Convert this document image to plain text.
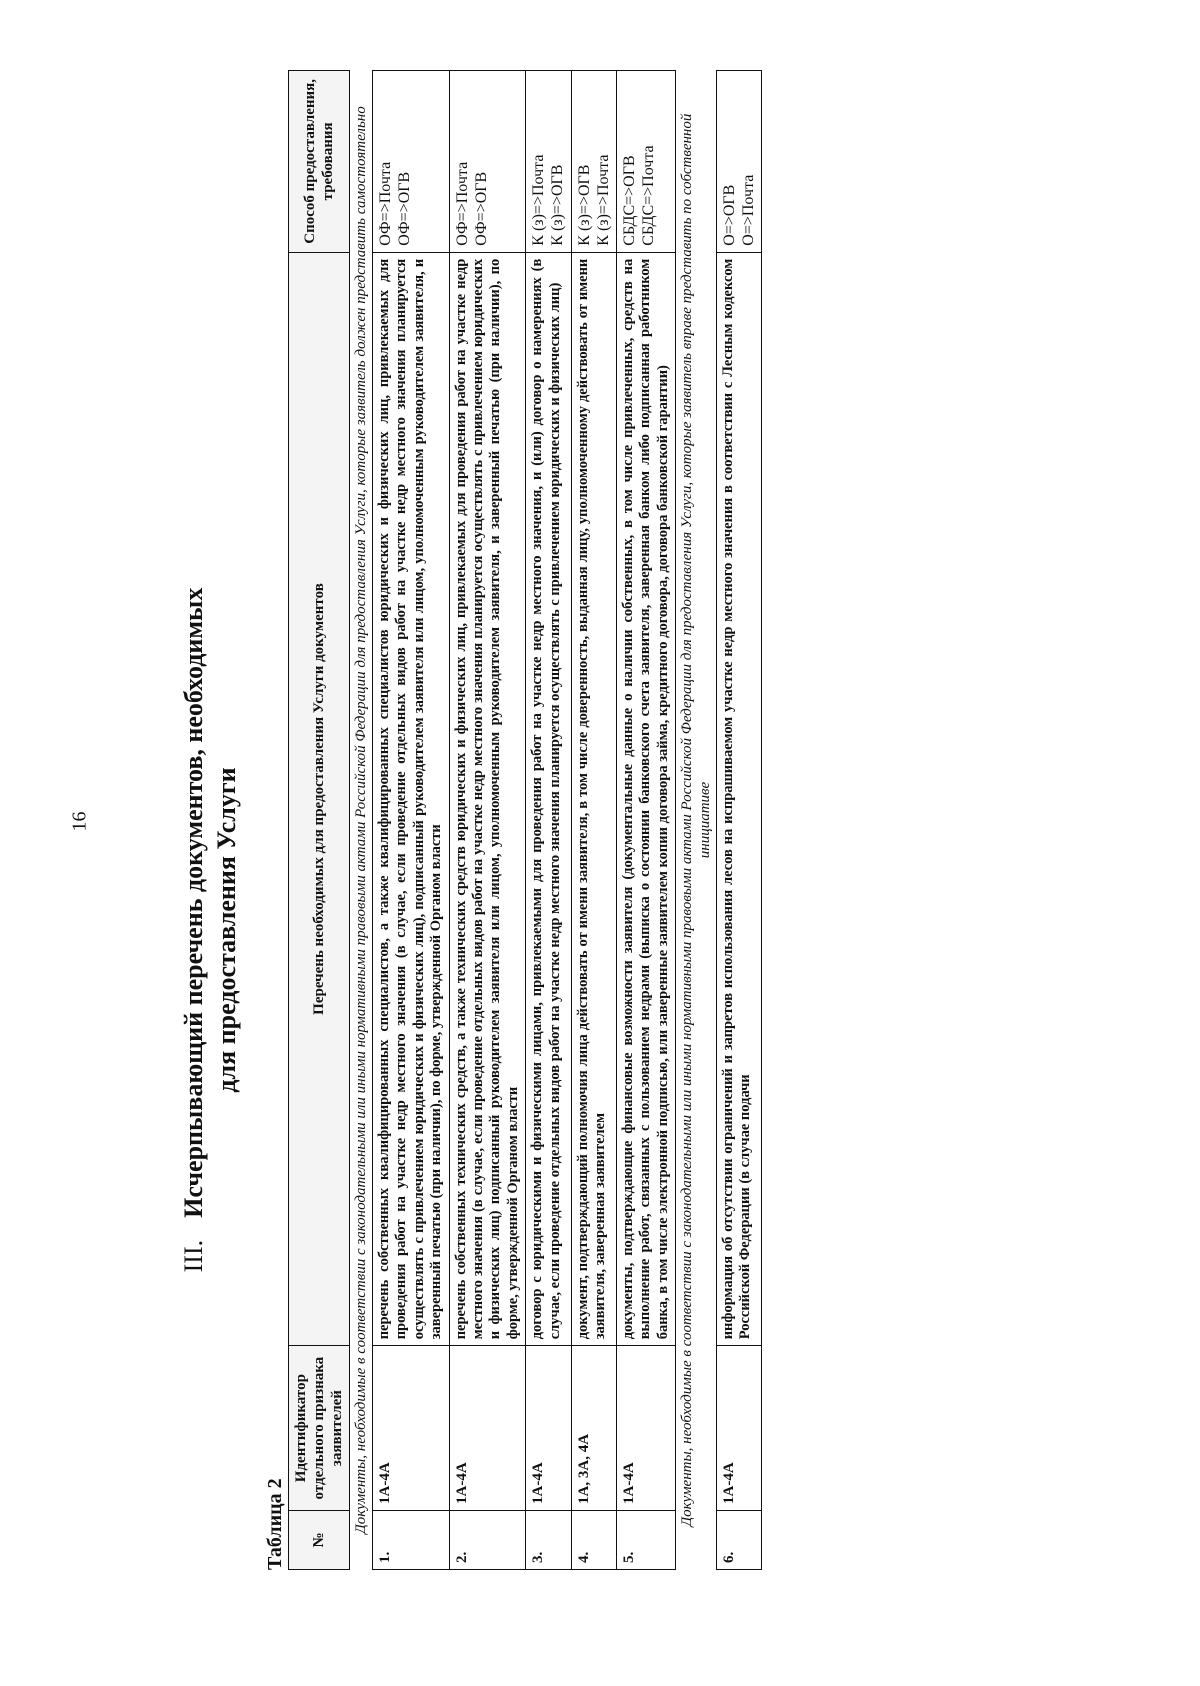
16
III. Исчерпывающий перечень документов, необходимых для предоставления Услуги
Таблица 2 №	Идентификатор отдельного признака заявителей	Перечень необходимых для предоставления Услуги документов	Способ предоставления, требования
Документы, необходимые в соответствии с законодательными или иными нормативными правовыми актами Российской Федерации для предоставления Услуги, которые заявитель должен представить самостоятельно			
1.	1А-4А	перечень собственных квалифицированных специалистов, а также квалифицированных специалистов юридических и физических лиц, привлекаемых для проведения работ на участке недр местного значения (в случае, если проведение отдельных видов работ на участке недр местного значения планируется осуществлять с привлечением юридических и физических лиц), подписанный руководителем заявителя или лицом, уполномоченным руководителем заявителя, и заверенный печатью (при наличии), по форме, утвержденной Органом власти	ОФ=>Почта ОФ=>ОГВ

2.	1А-4А	перечень собственных технических средств, а также технических средств юридических и физических лиц, привлекаемых для проведения работ на участке недр местного значения (в случае, если проведение отдельных видов работ на участке недр местного значения планируется осуществлять с привлечением юридических и физических лиц) подписанный руководителем заявителя или лицом, уполномоченным руководителем заявителя, и заверенный печатью (при наличии), по форме, утвержденной Органом власти	ОФ=>Почта ОФ=>ОГВ

3.	1А-4А	договор с юридическими и физическими лицами, привлекаемыми для проведения работ на участке недр местного значения, и (или) договор о намерениях (в случае, если проведение отдельных видов работ на участке недр местного значения планируется осуществлять с привлечением юридических и физических лиц)	К (з)=>Почта К (з)=>ОГВ

4.	1А, 3А, 4А	документ, подтверждающий полномочия лица действовать от имени заявителя, в том числе доверенность, выданная лицу, уполномоченному действовать от имени заявителя, заверенная заявителем	К (з)=>ОГВ К (з)=>Почта

5.	1А-4А	документы, подтверждающие финансовые возможности заявителя (документальные данные о наличии собственных, в том числе привлеченных, средств на выполнение работ, связанных с пользованием недрами (выписка о состоянии банковского счета заявителя, заверенная банком либо подписанная работником банка, в том числе электронной подписью, или заверенные заявителем копии договора займа, кредитного договора, договора банковской гарантии)	СБДС=>ОГВ СБДС=>Почта

Документы, необходимые в соответствии с законодательными или иными нормативными правовыми актами Российской Федерации для предоставления Услуги, которые заявитель вправе представить по собственной инициативе			
6.	1А-4А	информация об отсутствии ограничений и запретов использования лесов на испрашиваемом участке недр местного значения в соответствии с Лесным кодексом Российской Федерации (в случае подачи	О=>ОГВ О=>Почта
